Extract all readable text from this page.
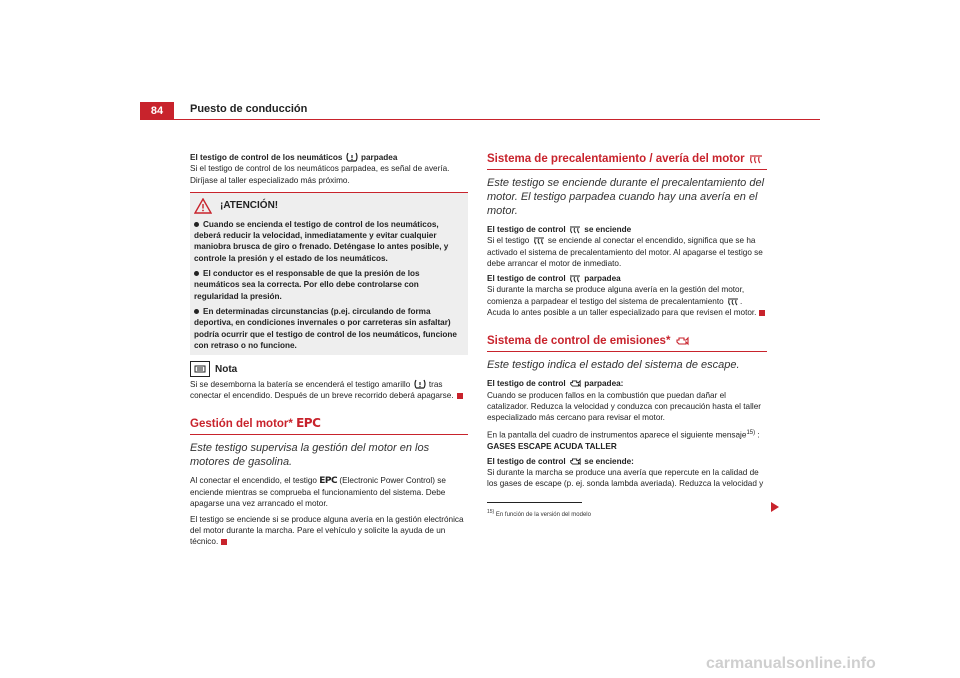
84	Puesto de conducción

El testigo de control de los neumáticos parpadea

Si el testigo de control de los neumáticos parpadea, es señal de avería. Diríjase al taller especializado más próximo.

¡ATENCIÓN!

Cuando se encienda el testigo de control de los neumáticos, deberá reducir la velocidad, inmediatamente y evitar cualquier maniobra brusca de giro o frenado. Deténgase lo antes posible, y controle la presión y el estado de los neumáticos.

El conductor es el responsable de que la presión de los neumáticos sea la correcta. Por ello debe controlarse con regularidad la presión.

En determinadas circunstancias (p.ej. circulando de forma deportiva, en condiciones invernales o por carreteras sin asfaltar) podría ocurrir que el testigo de control de los neumáticos, funcione con retraso o no funcione.

Nota

Si se desemborna la batería se encenderá el testigo amarillo tras conectar el encendido. Después de un breve recorrido deberá apagarse.

Gestión del motor* EPC

Este testigo supervisa la gestión del motor en los motores de gasolina.

Al conectar el encendido, el testigo EPC (Electronic Power Control) se enciende mientras se comprueba el funcionamiento del sistema. Debe apagarse una vez arrancado el motor.

El testigo se enciende si se produce alguna avería en la gestión electrónica del motor durante la marcha. Pare el vehículo y solicite la ayuda de un técnico.

Sistema de precalentamiento / avería del motor

Este testigo se enciende durante el precalentamiento del motor. El testigo parpadea cuando hay una avería en el motor.

El testigo de control se enciende

Si el testigo se enciende al conectar el encendido, significa que se ha activado el sistema de precalentamiento del motor. Al apagarse el testigo se debe arrancar el motor de inmediato.

El testigo de control parpadea

Si durante la marcha se produce alguna avería en la gestión del motor, comienza a parpadear el testigo del sistema de precalentamiento . Acuda lo antes posible a un taller especializado para que revisen el motor.

Sistema de control de emisiones*

Este testigo indica el estado del sistema de escape.

El testigo de control parpadea:

Cuando se producen fallos en la combustión que puedan dañar el catalizador. Reduzca la velocidad y conduzca con precaución hasta el taller especializado más cercano para revisar el motor.

En la pantalla del cuadro de instrumentos aparece el siguiente mensaje$^{15)}$ :

GASES ESCAPE ACUDA TALLER

El testigo de control se enciende:

Si durante la marcha se produce una avería que repercute en la calidad de los gases de escape (p. ej. sonda lambda averiada). Reduzca la velocidad y

$^{15)}$ En función de la versión del modelo
carmanualsonline.info
